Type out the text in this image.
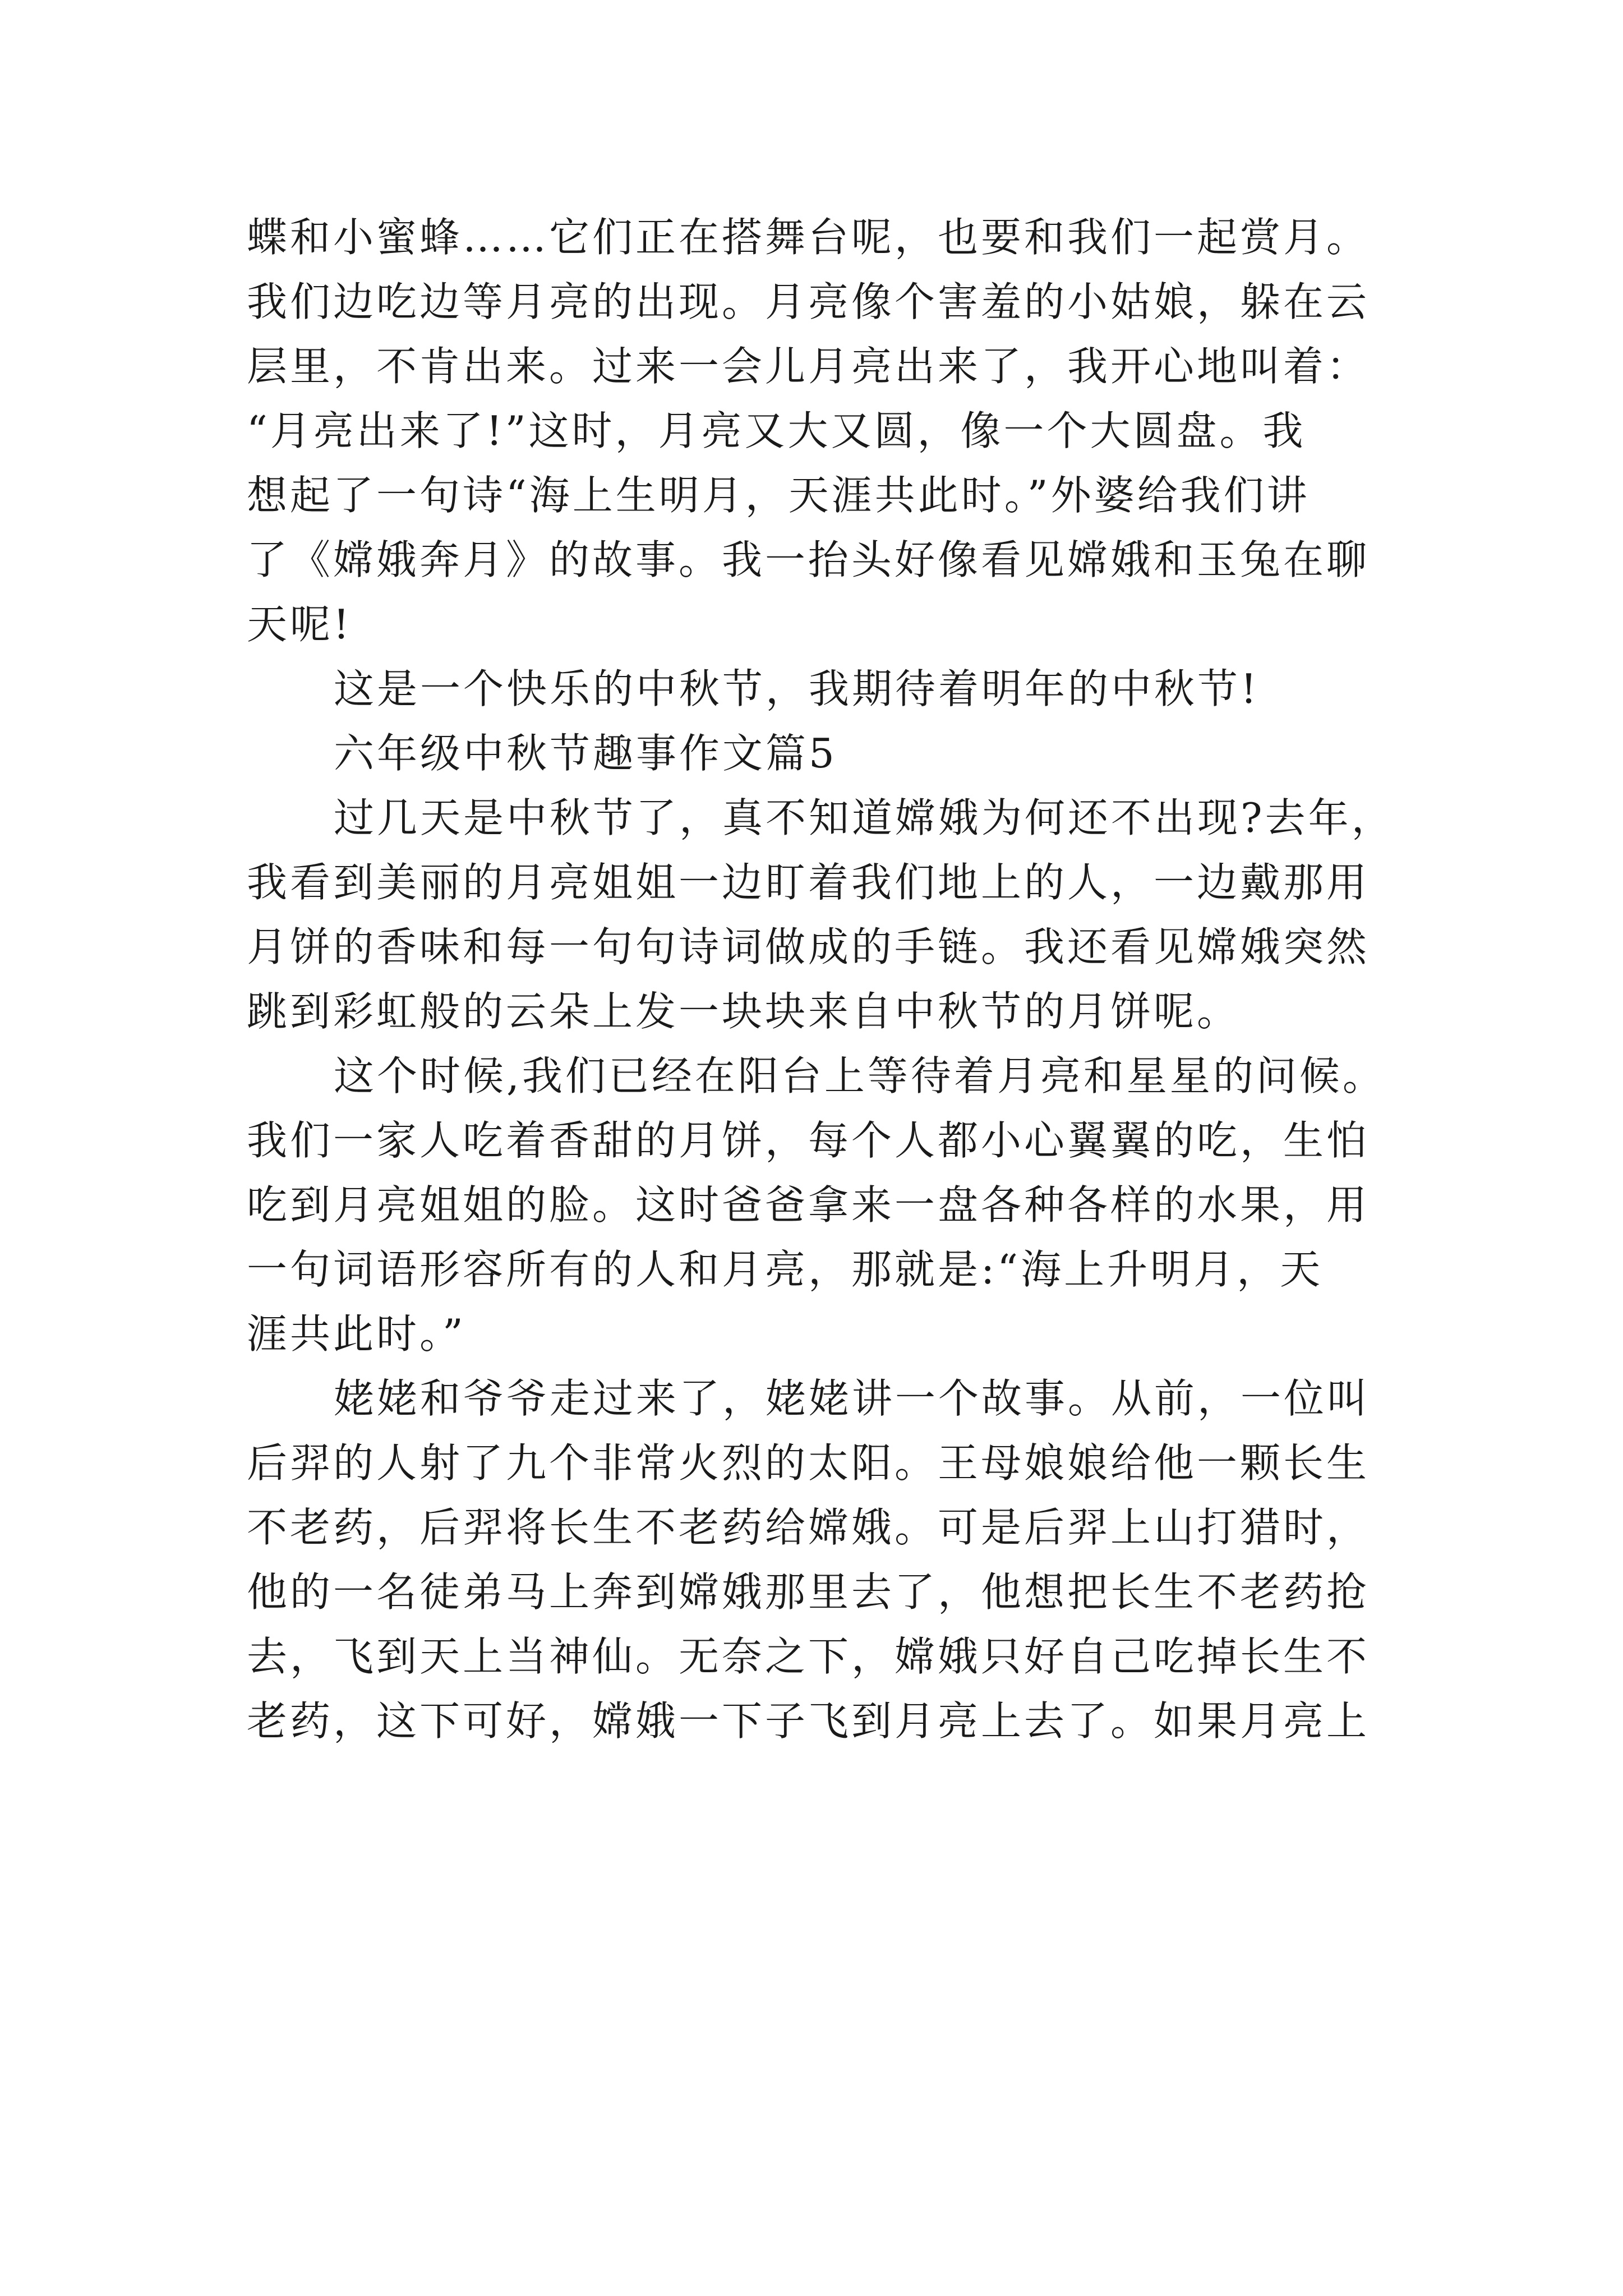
蝶和小蜜蜂……它们正在搭舞台呢，也要和我们一起赏月。
我们边吃边等月亮的出现。月亮像个害羞的小姑娘，躲在云
层里，不肯出来。过来一会儿月亮出来了，我开心地叫着：
“月亮出来了!”这时，月亮又大又圆，像一个大圆盘。我
想起了一句诗“海上生明月，天涯共此时。”外婆给我们讲
了《嫦娥奔月》的故事。我一抬头好像看见嫦娥和玉兔在聊
天呢!
这是一个快乐的中秋节，我期待着明年的中秋节!
六年级中秋节趣事作文篇5
过几天是中秋节了，真不知道嫦娥为何还不出现?去年，
我看到美丽的月亮姐姐一边盯着我们地上的人，一边戴那用
月饼的香味和每一句句诗词做成的手链。我还看见嫦娥突然
跳到彩虹般的云朵上发一块块来自中秋节的月饼呢。
这个时候,我们已经在阳台上等待着月亮和星星的问候。
我们一家人吃着香甜的月饼，每个人都小心翼翼的吃，生怕
吃到月亮姐姐的脸。这时爸爸拿来一盘各种各样的水果，用
一句词语形容所有的人和月亮，那就是:“海上升明月，天
涯共此时。”
姥姥和爷爷走过来了，姥姥讲一个故事。从前，一位叫
后羿的人射了九个非常火烈的太阳。王母娘娘给他一颗长生
不老药，后羿将长生不老药给嫦娥。可是后羿上山打猎时，
他的一名徒弟马上奔到嫦娥那里去了，他想把长生不老药抢
去，飞到天上当神仙。无奈之下，嫦娥只好自己吃掉长生不
老药，这下可好，嫦娥一下子飞到月亮上去了。如果月亮上
